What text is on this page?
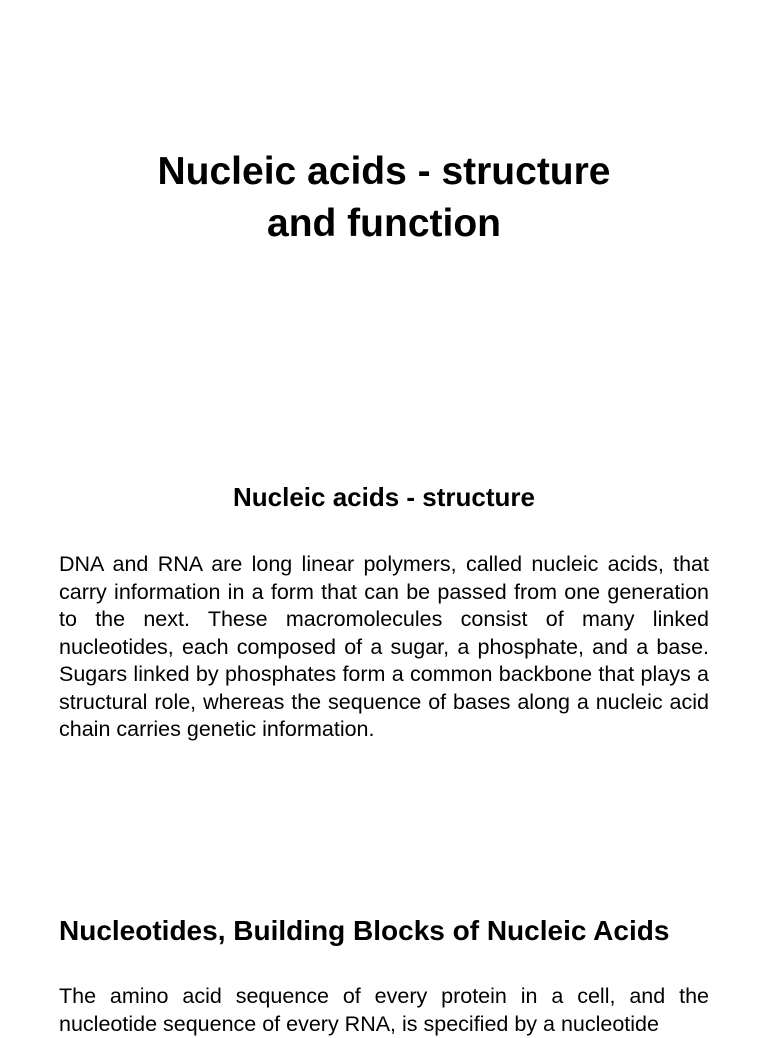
Nucleic acids - structure
and function
Nucleic acids - structure

DNA and RNA are long linear polymers, called nucleic acids, that carry information in a form that can be passed from one generation to the next. These macromolecules consist of many linked nucleotides, each composed of a sugar, a phosphate, and a base. Sugars linked by phosphates form a common backbone that plays a structural role, whereas the sequence of bases along a nucleic acid chain carries genetic information.

Nucleotides, Building Blocks of Nucleic Acids

The amino acid sequence of every protein in a cell, and the nucleotide sequence of every RNA, is specified by a nucleotide
